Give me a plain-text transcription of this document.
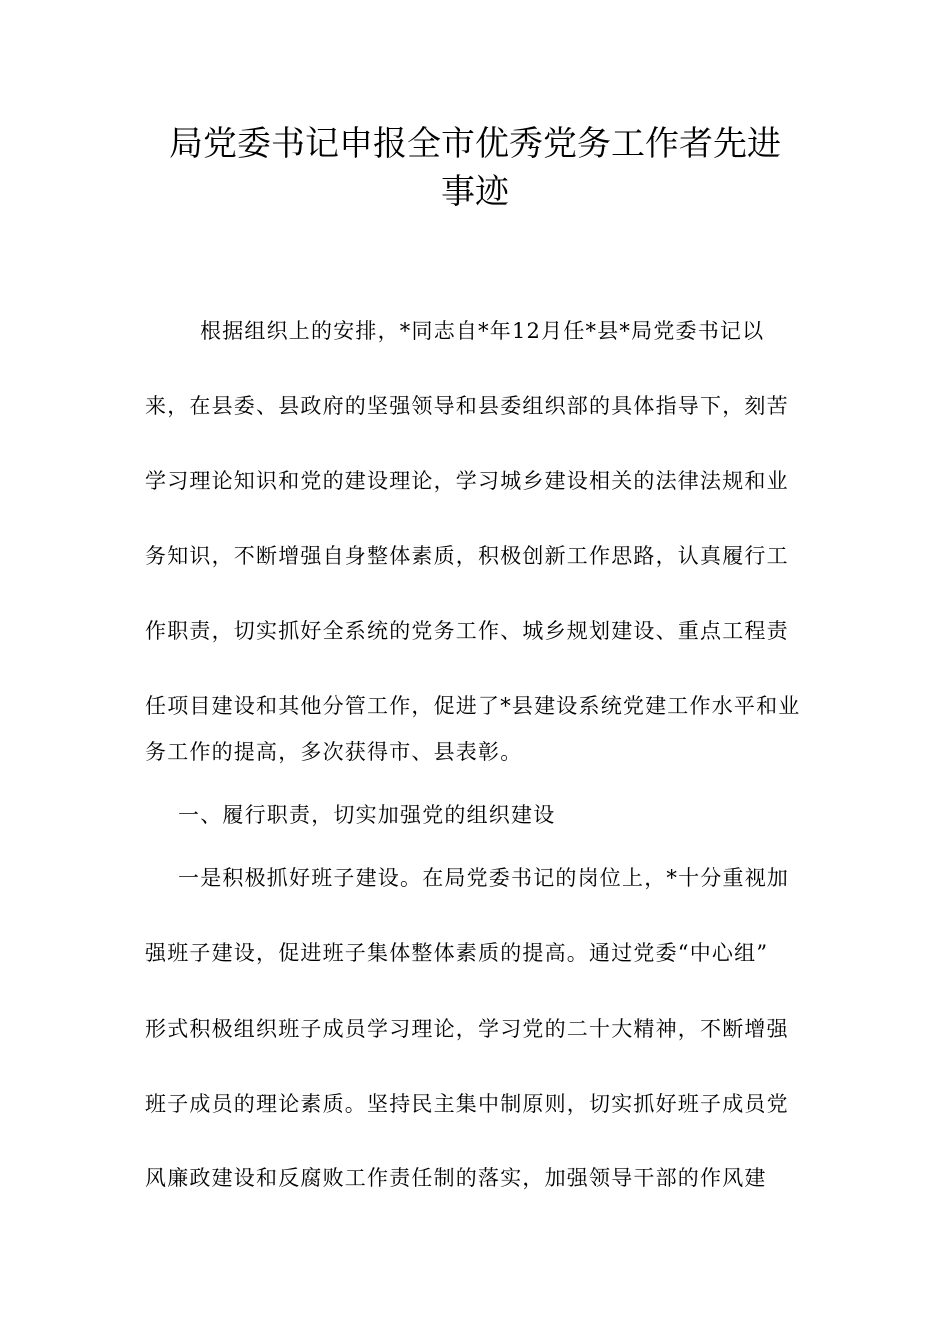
局党委书记申报全市优秀党务工作者先进
事迹
根据组织上的安排，*同志自*年12月任*县*局党委书记以
来，在县委、县政府的坚强领导和县委组织部的具体指导下，刻苦
学习理论知识和党的建设理论，学习城乡建设相关的法律法规和业
务知识，不断增强自身整体素质，积极创新工作思路，认真履行工
作职责，切实抓好全系统的党务工作、城乡规划建设、重点工程责
任项目建设和其他分管工作，促进了*县建设系统党建工作水平和业
务工作的提高，多次获得市、县表彰。
一、履行职责，切实加强党的组织建设
一是积极抓好班子建设。在局党委书记的岗位上，*十分重视加
强班子建设，促进班子集体整体素质的提高。通过党委“中心组”
形式积极组织班子成员学习理论，学习党的二十大精神，不断增强
班子成员的理论素质。坚持民主集中制原则，切实抓好班子成员党
风廉政建设和反腐败工作责任制的落实，加强领导干部的作风建
